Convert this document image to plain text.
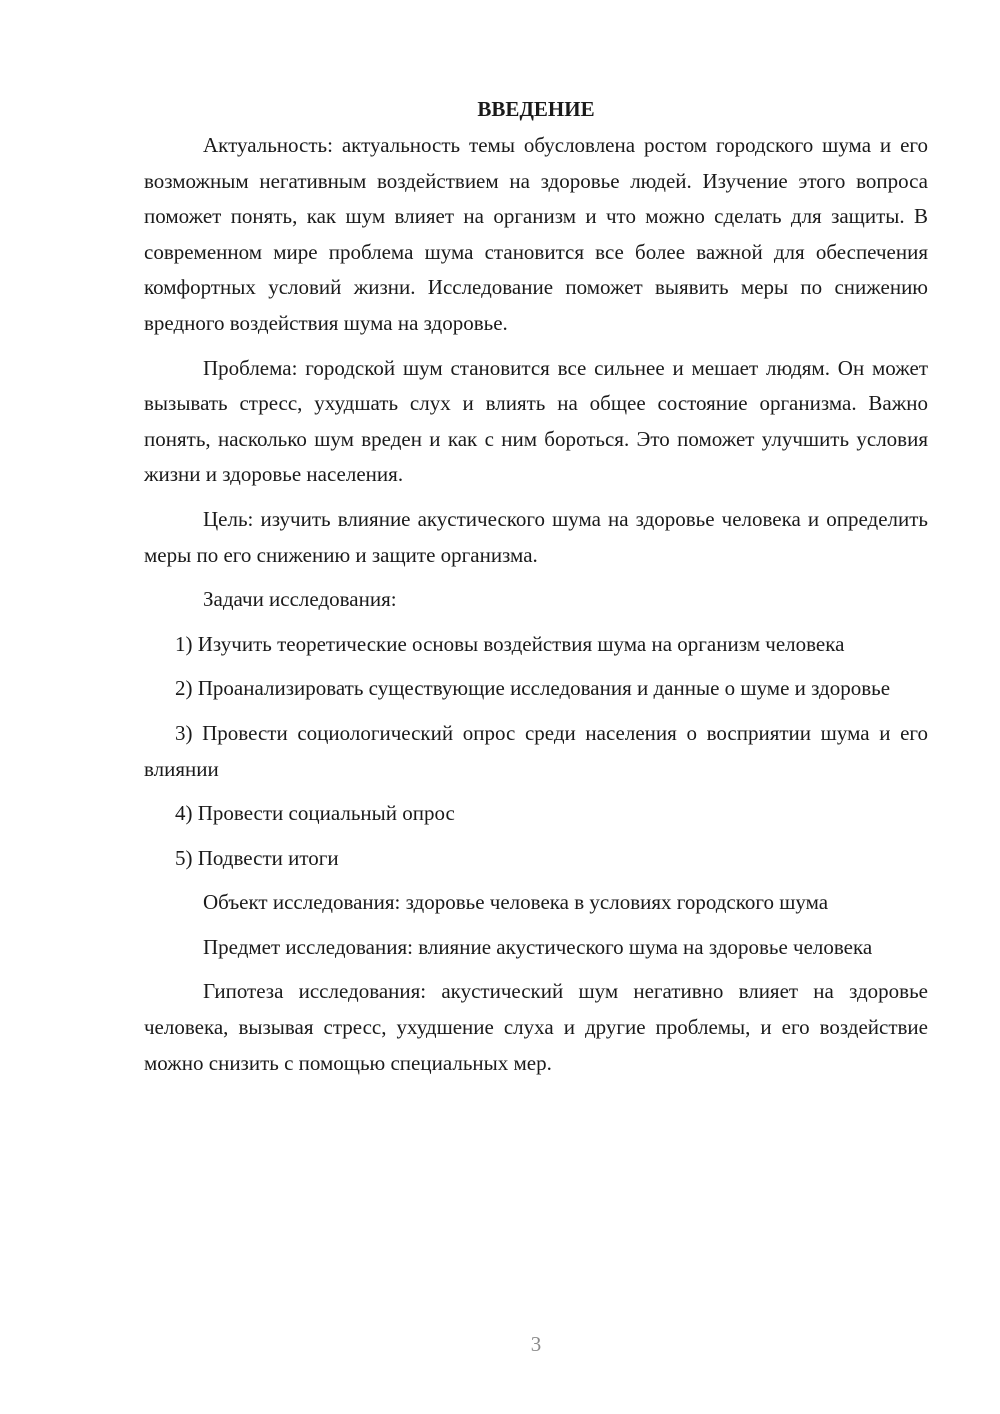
ВВЕДЕНИЕ

Актуальность: актуальность темы обусловлена ростом городского шума и его возможным негативным воздействием на здоровье людей. Изучение этого вопроса поможет понять, как шум влияет на организм и что можно сделать для защиты. В современном мире проблема шума становится все более важной для обеспечения комфортных условий жизни. Исследование поможет выявить меры по снижению вредного воздействия шума на здоровье.

Проблема: городской шум становится все сильнее и мешает людям. Он может вызывать стресс, ухудшать слух и влиять на общее состояние организма. Важно понять, насколько шум вреден и как с ним бороться. Это поможет улучшить условия жизни и здоровье населения.

Цель: изучить влияние акустического шума на здоровье человека и определить меры по его снижению и защите организма.

Задачи исследования:

1) Изучить теоретические основы воздействия шума на организм человека

2) Проанализировать существующие исследования и данные о шуме и здоровье

3) Провести социологический опрос среди населения о восприятии шума и его влиянии

4) Провести социальный опрос

5) Подвести итоги

Объект исследования: здоровье человека в условиях городского шума

Предмет исследования: влияние акустического шума на здоровье человека

Гипотеза исследования: акустический шум негативно влияет на здоровье человека, вызывая стресс, ухудшение слуха и другие проблемы, и его воздействие можно снизить с помощью специальных мер.

3
